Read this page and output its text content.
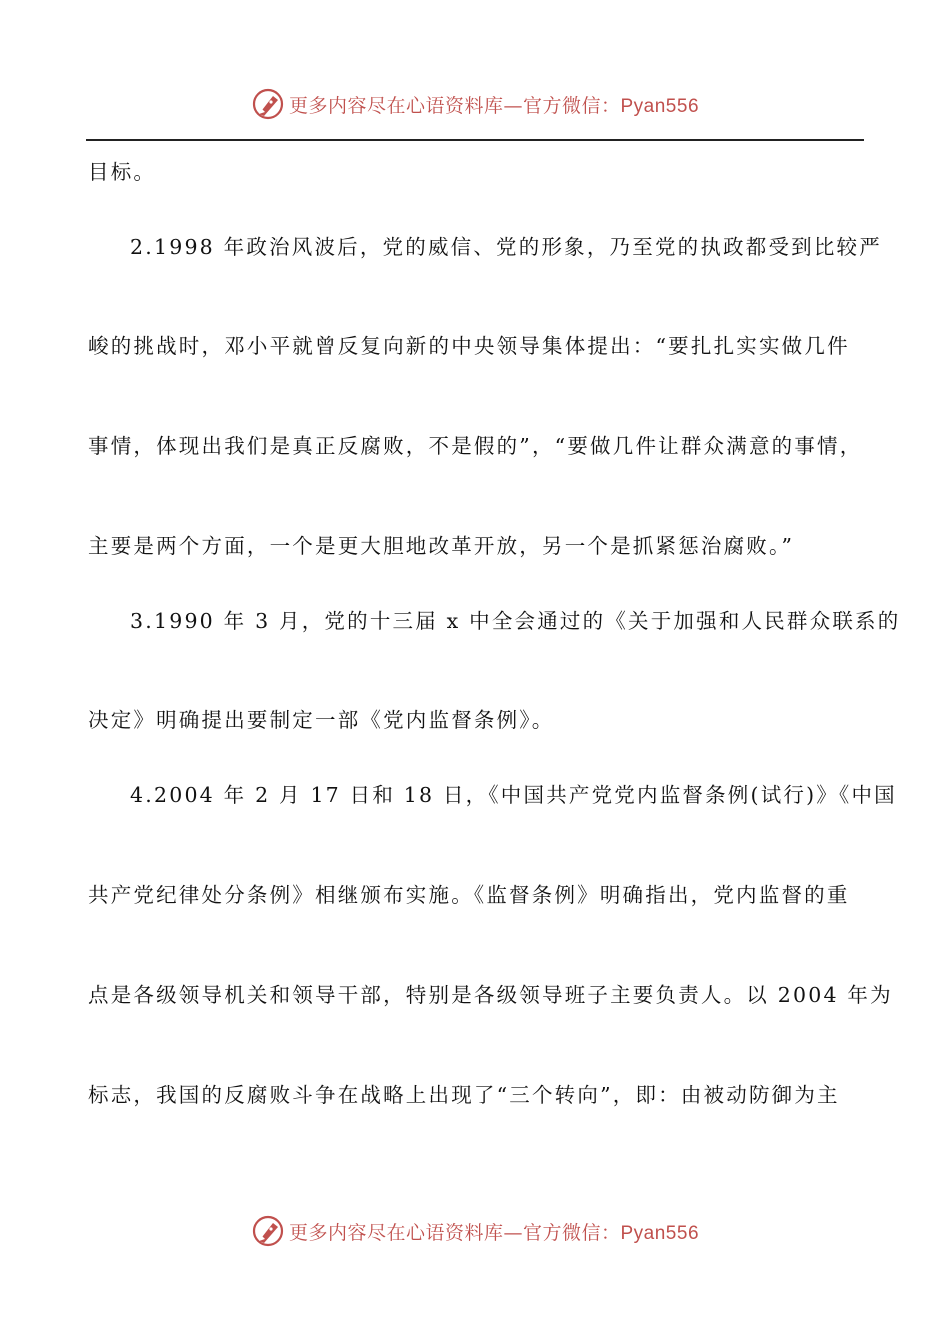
更多内容尽在心语资料库—官方微信：Pyan556
目标。
2.1998 年政治风波后，党的威信、党的形象，乃至党的执政都受到比较严
峻的挑战时，邓小平就曾反复向新的中央领导集体提出：“要扎扎实实做几件
事情，体现出我们是真正反腐败，不是假的”，“要做几件让群众满意的事情，
主要是两个方面，一个是更大胆地改革开放，另一个是抓紧惩治腐败。”
3.1990 年 3 月，党的十三届 x 中全会通过的《关于加强和人民群众联系的
决定》明确提出要制定一部《党内监督条例》。
4.2004 年 2 月 17 日和 18 日，《中国共产党党内监督条例(试行)》《中国
共产党纪律处分条例》相继颁布实施。《监督条例》明确指出，党内监督的重
点是各级领导机关和领导干部，特别是各级领导班子主要负责人。以 2004 年为
标志，我国的反腐败斗争在战略上出现了“三个转向”，即：由被动防御为主
更多内容尽在心语资料库—官方微信：Pyan556
